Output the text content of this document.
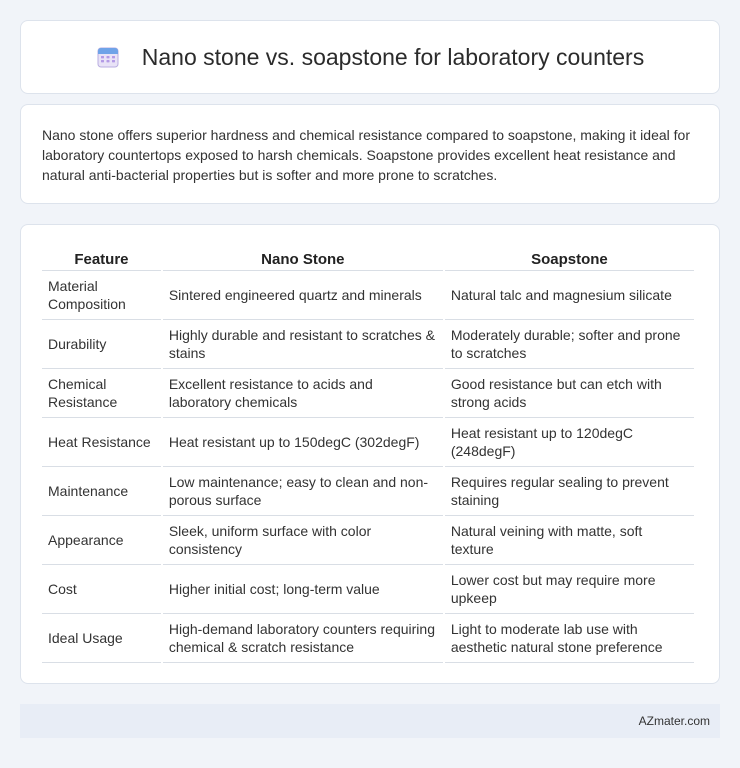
Nano stone vs. soapstone for laboratory counters

Nano stone offers superior hardness and chemical resistance compared to soapstone, making it ideal for laboratory countertops exposed to harsh chemicals. Soapstone provides excellent heat resistance and natural anti-bacterial properties but is softer and more prone to scratches.

Feature	Nano Stone	Soapstone
Material Composition	Sintered engineered quartz and minerals	Natural talc and magnesium silicate
Durability	Highly durable and resistant to scratches & stains	Moderately durable; softer and prone to scratches
Chemical Resistance	Excellent resistance to acids and laboratory chemicals	Good resistance but can etch with strong acids
Heat Resistance	Heat resistant up to 150degC (302degF)	Heat resistant up to 120degC (248degF)
Maintenance	Low maintenance; easy to clean and non-porous surface	Requires regular sealing to prevent staining
Appearance	Sleek, uniform surface with color consistency	Natural veining with matte, soft texture
Cost	Higher initial cost; long-term value	Lower cost but may require more upkeep
Ideal Usage	High-demand laboratory counters requiring chemical & scratch resistance	Light to moderate lab use with aesthetic natural stone preference
AZmater.com
